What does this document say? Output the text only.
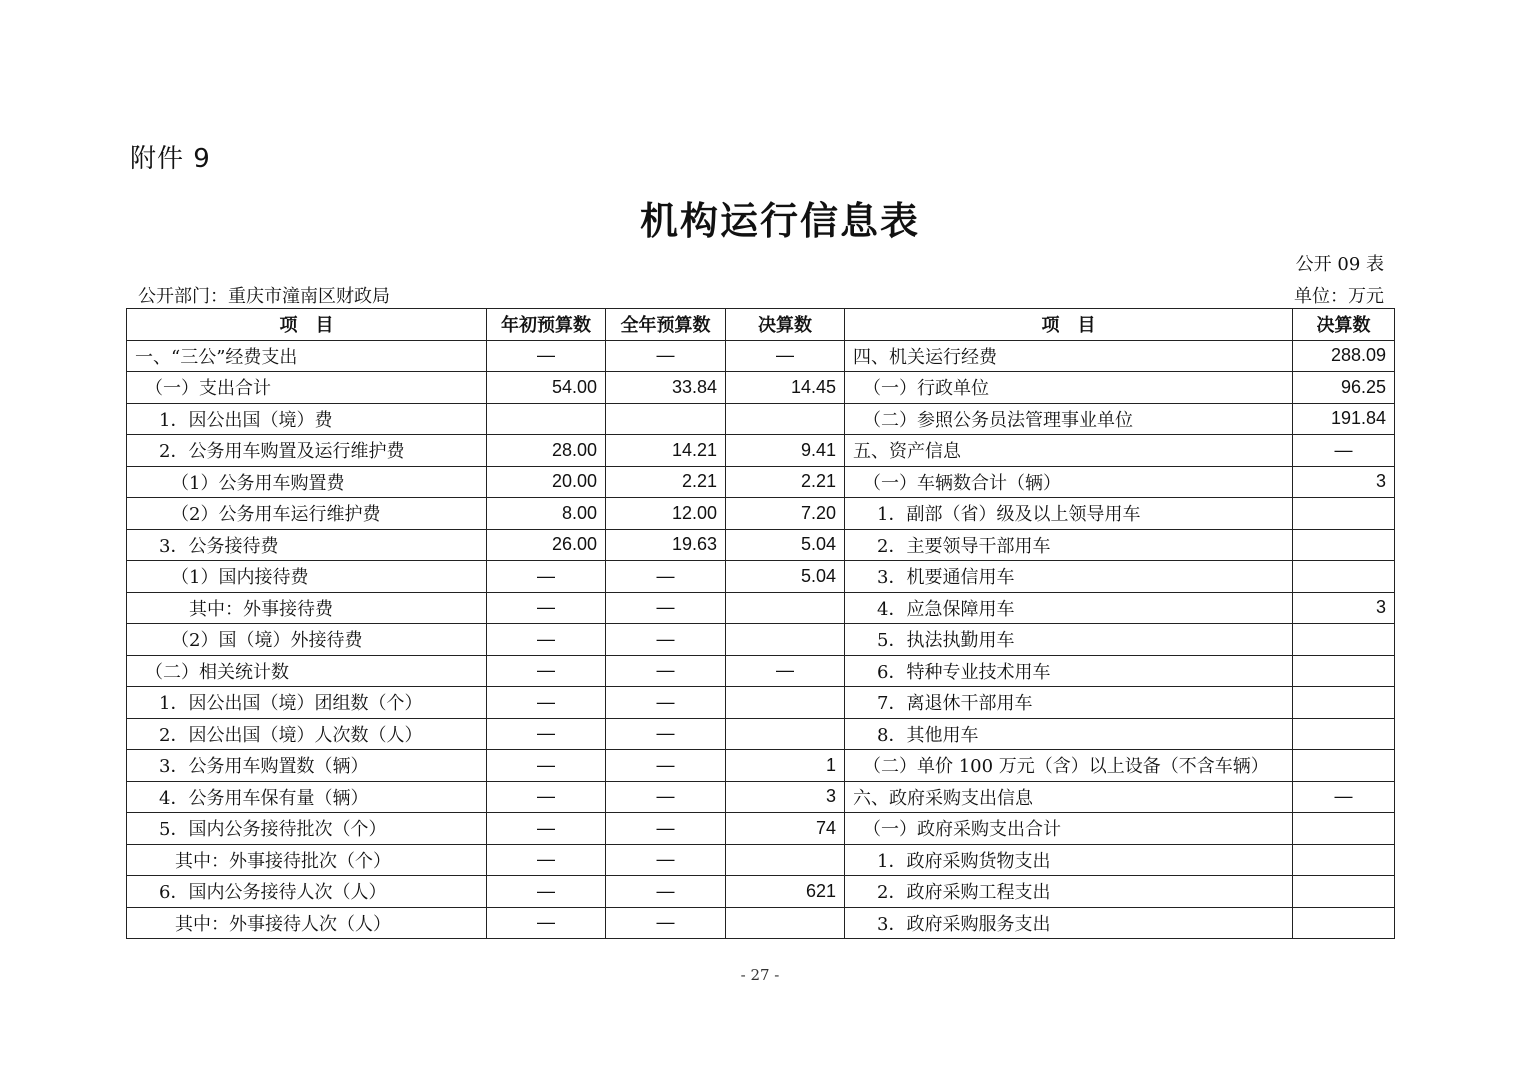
附件 9
机构运行信息表
公开 09 表
公开部门：重庆市潼南区财政局	单位：万元
项　目	年初预算数	全年预算数	决算数	项　目	决算数
一、“三公”经费支出	—	—	—	四、机关运行经费	288.09
（一）支出合计	54.00	33.84	14.45	（一）行政单位	96.25
1．因公出国（境）费				（二）参照公务员法管理事业单位	191.84
2．公务用车购置及运行维护费	28.00	14.21	9.41	五、资产信息	—
（1）公务用车购置费	20.00	2.21	2.21	（一）车辆数合计（辆）	3
（2）公务用车运行维护费	8.00	12.00	7.20	1．副部（省）级及以上领导用车	
3．公务接待费	26.00	19.63	5.04	2．主要领导干部用车	
（1）国内接待费	—	—	5.04	3．机要通信用车	
其中：外事接待费	—	—		4．应急保障用车	3
（2）国（境）外接待费	—	—		5．执法执勤用车	
（二）相关统计数	—	—	—	6．特种专业技术用车	
1．因公出国（境）团组数（个）	—	—		7．离退休干部用车	
2．因公出国（境）人次数（人）	—	—		8．其他用车	
3．公务用车购置数（辆）	—	—	1	（二）单价 100 万元（含）以上设备（不含车辆）	
4．公务用车保有量（辆）	—	—	3	六、政府采购支出信息	—
5．国内公务接待批次（个）	—	—	74	（一）政府采购支出合计	
其中：外事接待批次（个）	—	—		1．政府采购货物支出	
6．国内公务接待人次（人）	—	—	621	2．政府采购工程支出	
其中：外事接待人次（人）	—	—		3．政府采购服务支出	
- 27 -
